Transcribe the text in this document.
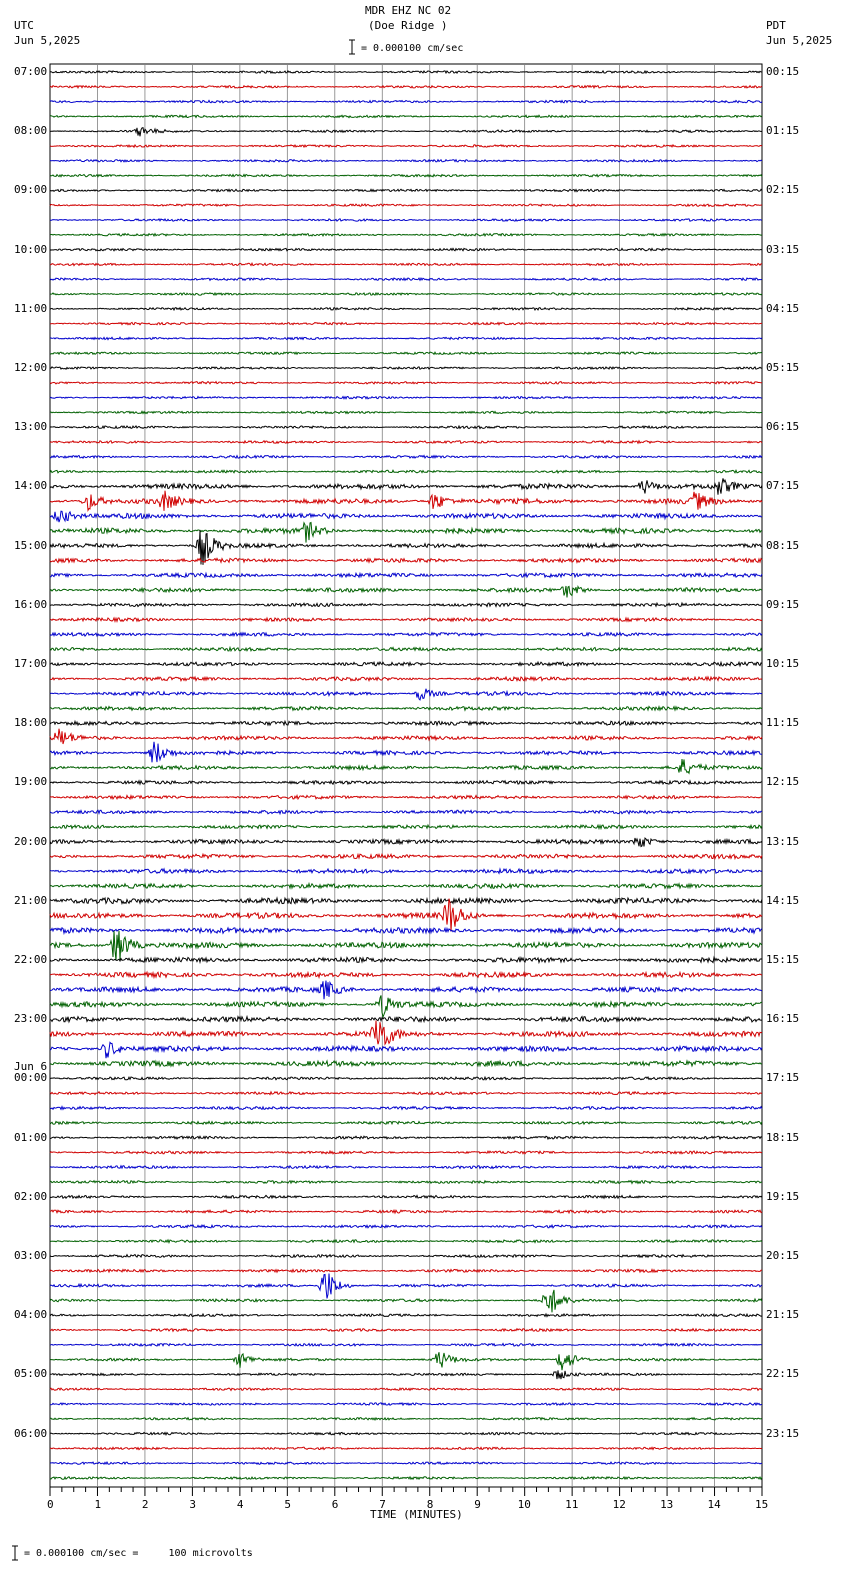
MDR EHZ NC 02
(Doe Ridge )
UTC
Jun 5,2025
PDT
Jun 5,2025
= 0.000100 cm/sec
TIME (MINUTES)
= 0.000100 cm/sec =     100 microvolts
Jun 6
07:00
08:00
09:00
10:00
11:00
12:00
13:00
14:00
15:00
16:00
17:00
18:00
19:00
20:00
21:00
22:00
23:00
00:00
01:00
02:00
03:00
04:00
05:00
06:00
00:15
01:15
02:15
03:15
04:15
05:15
06:15
07:15
08:15
09:15
10:15
11:15
12:15
13:15
14:15
15:15
16:15
17:15
18:15
19:15
20:15
21:15
22:15
23:15
0	1	2	3	4	5	6	7	8	9	10	11	12	13	14	15
